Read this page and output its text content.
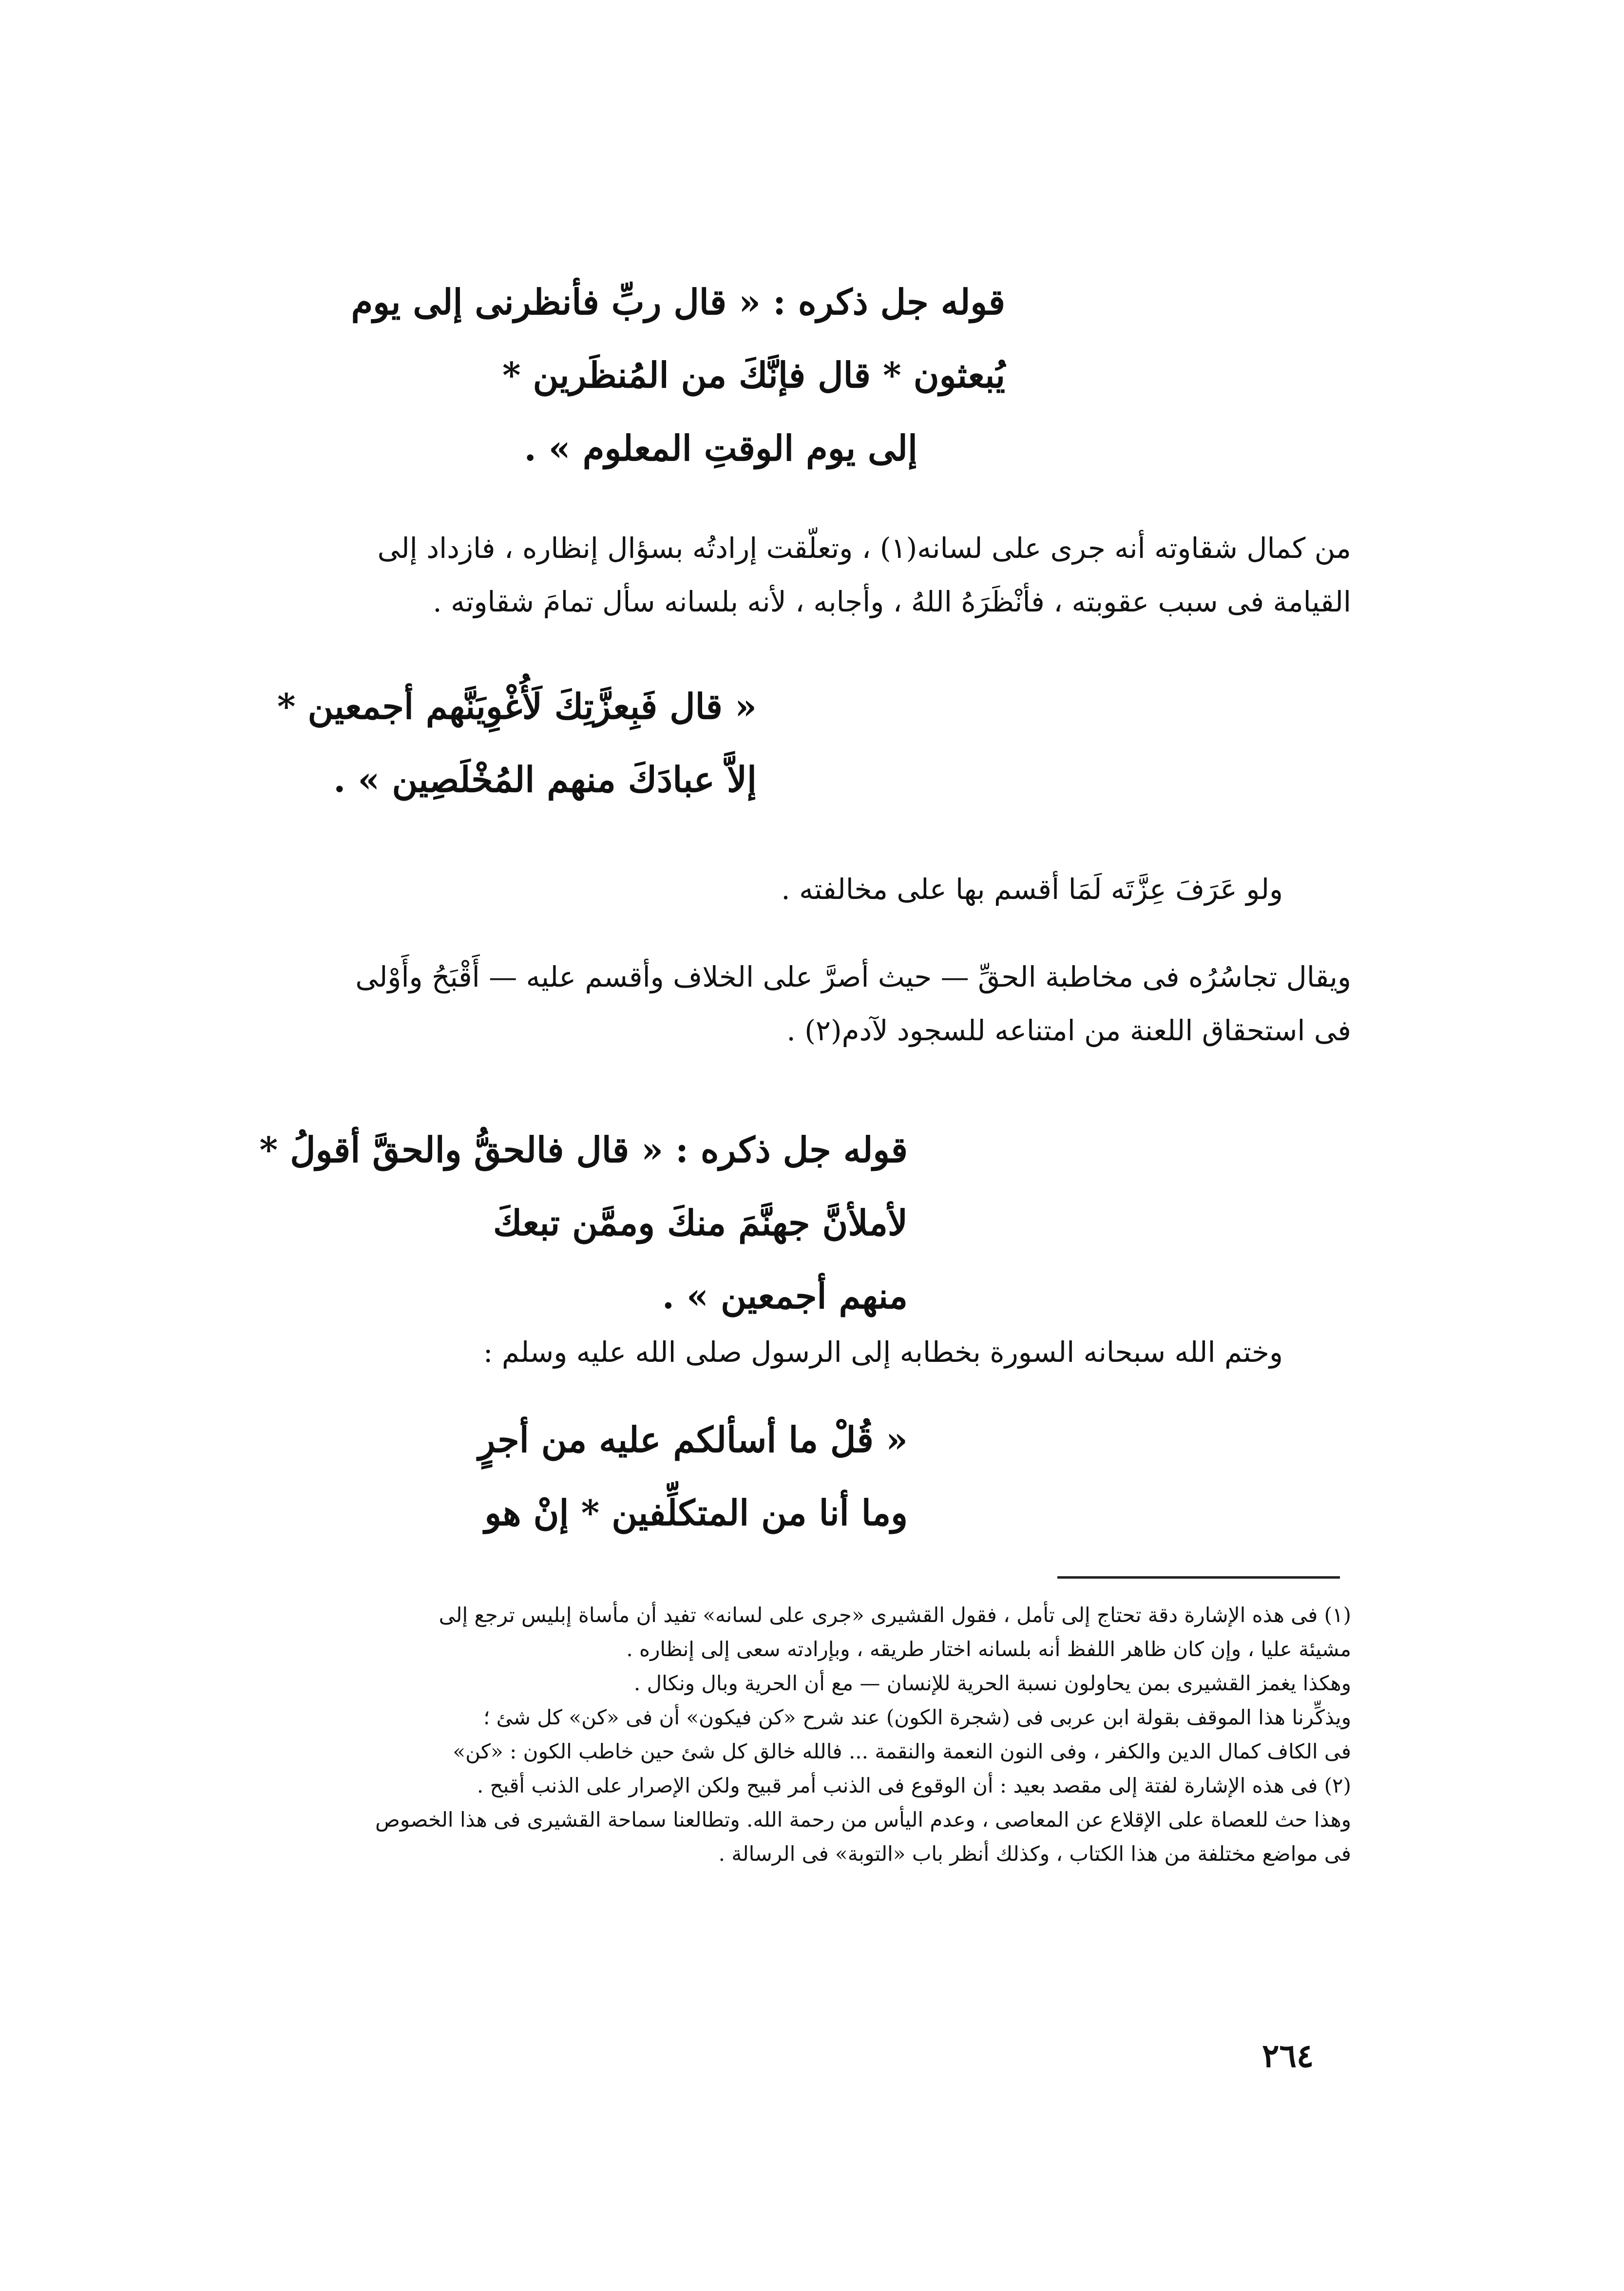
قوله جل ذكره : « قال ربِّ فأنظرنى إلى يوم
يُبعثون * قال فإنَّكَ من المُنظَرين *
إلى يوم الوقتِ المعلوم » .
من كمال شقاوته أنه جرى على لسانه(١) ، وتعلّقت إرادتُه بسؤال إنظاره ، فازداد إلى
القيامة فى سبب عقوبته ، فأنْظَرَهُ اللهُ ، وأجابه ، لأنه بلسانه سأل تمامَ شقاوته .
« قال فَبِعزَّتِكَ لَأُغْوِيَنَّهم أجمعين *
إلاَّ عبادَكَ منهم المُخْلَصِين » .
ولو عَرَفَ عِزَّتَه لَمَا أقسم بها على مخالفته .
ويقال تجاسُرُه فى مخاطبة الحقِّ — حيث أصرَّ على الخلاف وأقسم عليه — أَقْبَحُ وأَوْلى
فى استحقاق اللعنة من امتناعه للسجود لآدم(٢) .
قوله جل ذكره : « قال فالحقُّ والحقَّ أقولُ *
لأملأنَّ جهنَّمَ منكَ وممَّن تبعكَ
منهم أجمعين » .
وختم الله سبحانه السورة بخطابه إلى الرسول صلى الله عليه وسلم :
« قُلْ ما أسألكم عليه من أجرٍ
وما أنا من المتكلِّفين * إنْ هو
(١) فى هذه الإشارة دقة تحتاج إلى تأمل ، فقول القشيرى «جرى على لسانه» تفيد أن مأساة إبليس ترجع إلى
مشيئة عليا ، وإن كان ظاهر اللفظ أنه بلسانه اختار طريقه ، وبإرادته سعى إلى إنظاره .
وهكذا يغمز القشيرى بمن يحاولون نسبة الحرية للإنسان — مع أن الحرية وبال ونكال .
ويذكِّرنا هذا الموقف بقولة ابن عربى فى (شجرة الكون) عند شرح «كن فيكون» أن فى «كن» كل شئ ؛
فى الكاف كمال الدين والكفر ، وفى النون النعمة والنقمة ... فالله خالق كل شئ حين خاطب الكون : «كن»
(٢) فى هذه الإشارة لفتة إلى مقصد بعيد : أن الوقوع فى الذنب أمر قبيح ولكن الإصرار على الذنب أقبح .
وهذا حث للعصاة على الإقلاع عن المعاصى ، وعدم اليأس من رحمة الله. وتطالعنا سماحة القشيرى فى هذا الخصوص
فى مواضع مختلفة من هذا الكتاب ، وكذلك أنظر باب «التوبة» فى الرسالة .
٢٦٤
